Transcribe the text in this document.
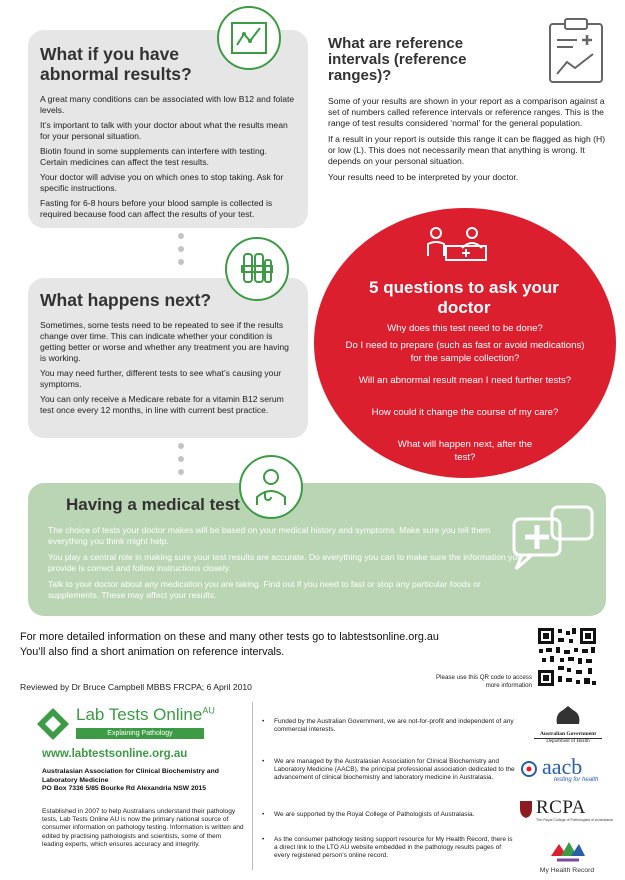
What if you have abnormal results?

A great many conditions can be associated with low B12 and folate levels.

It’s important to talk with your doctor about what the results mean for your personal situation.

Biotin found in some supplements can interfere with testing. Certain medicines can affect the test results.

Your doctor will advise you on which ones to stop taking. Ask for specific instructions.

Fasting for 6-8 hours before your blood sample is collected is required because food can affect the results of your test.

What happens next?

Sometimes, some tests need to be repeated to see if the results change over time. This can indicate whether your condition is getting better or worse and whether any treatment you are having is working.

You may need further, different tests to see what’s causing your symptoms.

You can only receive a Medicare rebate for a vitamin B12 serum test once every 12 months, in line with current best practice.

What are reference intervals (reference ranges)?

Some of your results are shown in your report as a comparison against a set of numbers called reference intervals or reference ranges. This is the range of test results considered ‘normal’ for the general population.

If a result in your report is outside this range it can be flagged as high (H) or low (L). This does not necessarily mean that anything is wrong. It depends on your personal situation.

Your results need to be interpreted by your doctor.

5 questions to ask your doctor
Why does this test need to be done?
Do I need to prepare (such as fast or avoid medications) for the sample collection?
Will an abnormal result mean I need further tests?
How could it change the course of my care?
What will happen next, after the test?
Having a medical test

The choice of tests your doctor makes will be based on your medical history and symptoms. Make sure you tell them everything you think might help.

You play a central role in making sure your test results are accurate. Do everything you can to make sure the information you provide is correct and follow instructions closely.

Talk to your doctor about any medication you are taking. Find out if you need to fast or stop any particular foods or supplements. These may affect your results.

For more detailed information on these and many other tests go to labtestsonline.org.au
You’ll also find a short animation on reference intervals.
Please use this QR code to access more information
Reviewed by Dr Bruce Campbell MBBS FRCPA; 6 April 2010
Lab Tests Online$^{AU}$
Explaining Pathology
www.labtestsonline.org.au
Australasian Association for Clinical Biochemistry and Laboratory Medicine
PO Box 7336 5/85 Bourke Rd Alexandria NSW 2015
Established in 2007 to help Australians understand their pathology tests, Lab Tests Online AU is now the primary national source of consumer information on pathology testing. Information is written and edited by practising pathologists and scientists, some of them leading experts, which ensures accuracy and integrity.
• Funded by the Australian Government, we are not-for-profit and independent of any commercial interests.
• We are managed by the Australasian Association for Clinical Biochemistry and Laboratory Medicine (AACB), the principal professional association dedicated to the advancement of clinical biochemistry and laboratory medicine in Australasia.
• We are supported by the Royal College of Pathologists of Australasia.
• As the consumer pathology testing support resource for My Health Record, there is a direct link to the LTO AU website embedded in the pathology results pages of every registered person’s online record.
Australian Government
Department of Health
aacb
testing for health
RCPA
The Royal College of Pathologists of Australasia
My Health Record
